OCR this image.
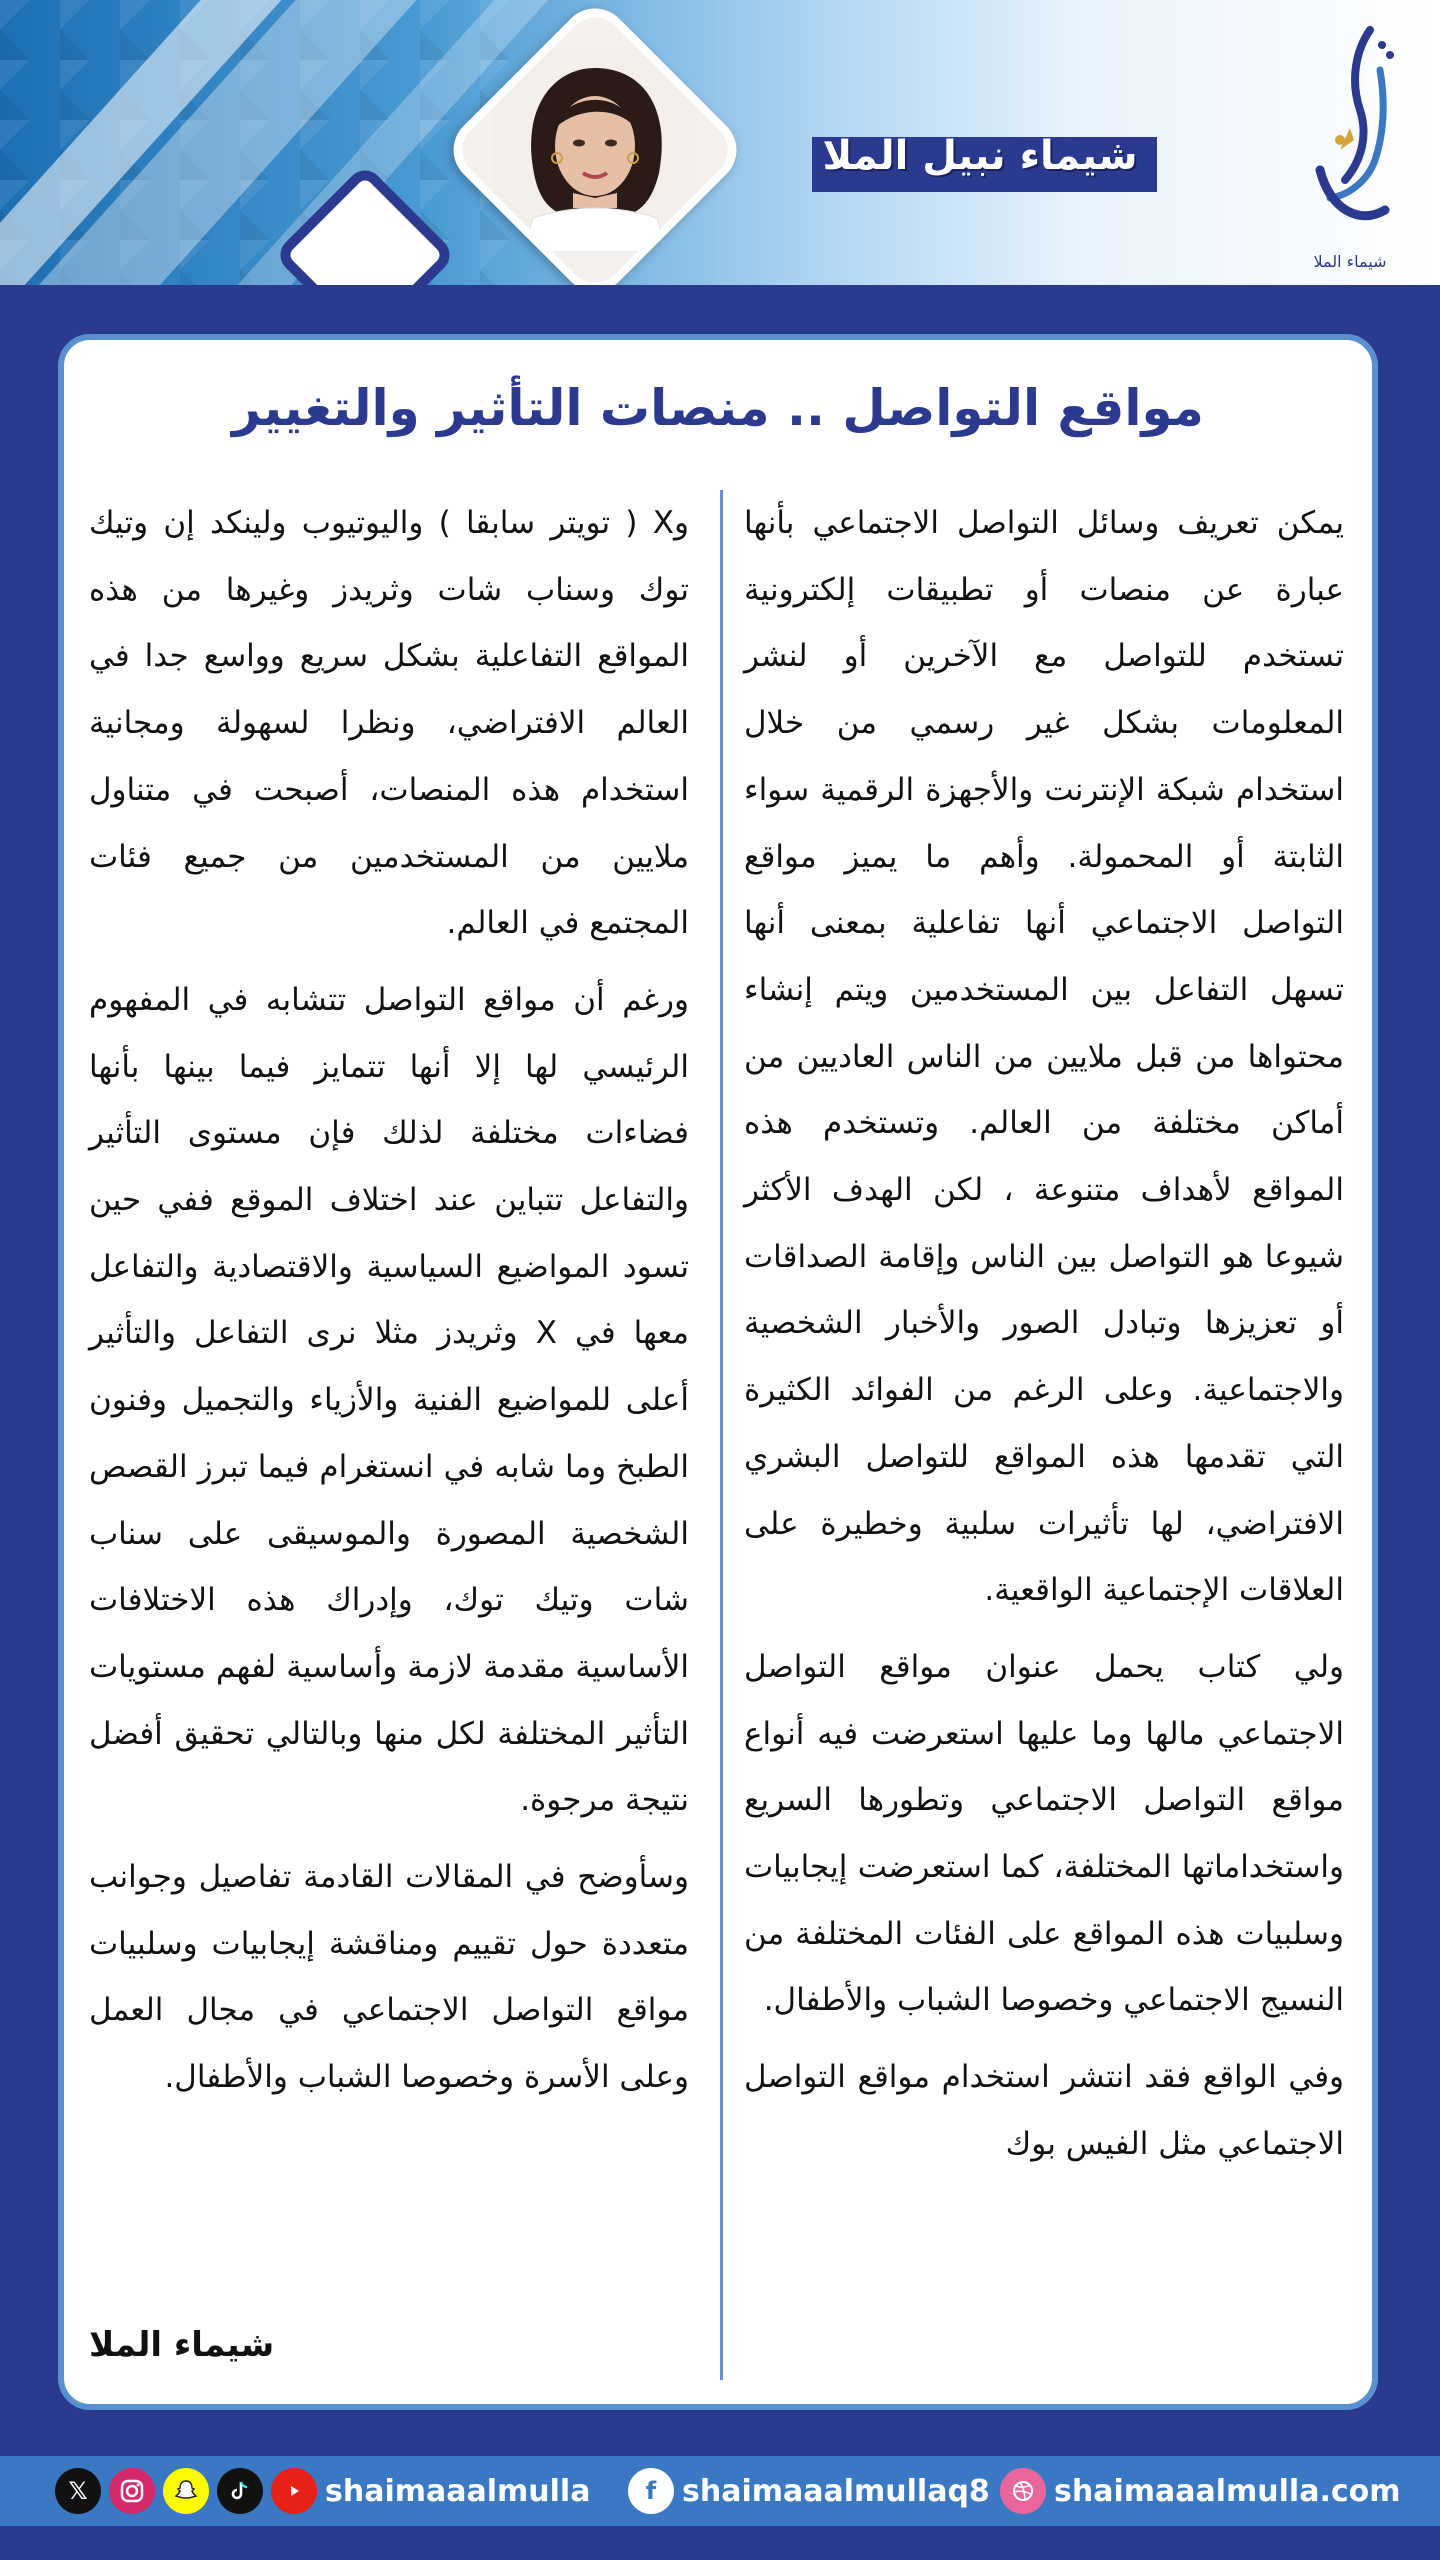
شيماء نبيل الملا
شيماء الملا
مواقع التواصل .. منصات التأثير والتغيير

يمكن تعريف وسائل التواصل الاجتماعي بأنها عبارة عن منصات أو تطبيقات إلكترونية تستخدم للتواصل مع الآخرين أو لنشر المعلومات بشكل غير رسمي من خلال استخدام شبكة الإنترنت والأجهزة الرقمية سواء الثابتة أو المحمولة. وأهم ما يميز مواقع التواصل الاجتماعي أنها تفاعلية بمعنى أنها تسهل التفاعل بين المستخدمين ويتم إنشاء محتواها من قبل ملايين من الناس العاديين من أماكن مختلفة من العالم. وتستخدم هذه المواقع لأهداف متنوعة ، لكن الهدف الأكثر شيوعا هو التواصل بين الناس وإقامة الصداقات أو تعزيزها وتبادل الصور والأخبار الشخصية والاجتماعية. وعلى الرغم من الفوائد الكثيرة التي تقدمها هذه المواقع للتواصل البشري الافتراضي، لها تأثيرات سلبية وخطيرة على العلاقات الإجتماعية الواقعية.

ولي كتاب يحمل عنوان مواقع التواصل الاجتماعي مالها وما عليها استعرضت فيه أنواع مواقع التواصل الاجتماعي وتطورها السريع واستخداماتها المختلفة، كما استعرضت إيجابيات وسلبيات هذه المواقع على الفئات المختلفة من النسيج الاجتماعي وخصوصا الشباب والأطفال.

وفي الواقع فقد انتشر استخدام مواقع التواصل الاجتماعي مثل الفيس بوك

وX ( تويتر سابقا ) واليوتيوب ولينكد إن وتيك توك وسناب شات وثريدز وغيرها من هذه المواقع التفاعلية بشكل سريع وواسع جدا في العالم الافتراضي، ونظرا لسهولة ومجانية استخدام هذه المنصات، أصبحت في متناول ملايين من المستخدمين من جميع فئات المجتمع في العالم.

ورغم أن مواقع التواصل تتشابه في المفهوم الرئيسي لها إلا أنها تتمايز فيما بينها بأنها فضاءات مختلفة لذلك فإن مستوى التأثير والتفاعل تتباين عند اختلاف الموقع ففي حين تسود المواضيع السياسية والاقتصادية والتفاعل معها في X وثريدز مثلا نرى التفاعل والتأثير أعلى للمواضيع الفنية والأزياء والتجميل وفنون الطبخ وما شابه في انستغرام فيما تبرز القصص الشخصية المصورة والموسيقى على سناب شات وتيك توك، وإدراك هذه الاختلافات الأساسية مقدمة لازمة وأساسية لفهم مستويات التأثير المختلفة لكل منها وبالتالي تحقيق أفضل نتيجة مرجوة.

وسأوضح في المقالات القادمة تفاصيل وجوانب متعددة حول تقييم ومناقشة إيجابيات وسلبيات مواقع التواصل الاجتماعي في مجال العمل وعلى الأسرة وخصوصا الشباب والأطفال.

شيماء الملا
𝕏	shaimaaalmulla	f shaimaaalmullaq8 shaimaaalmulla.com
